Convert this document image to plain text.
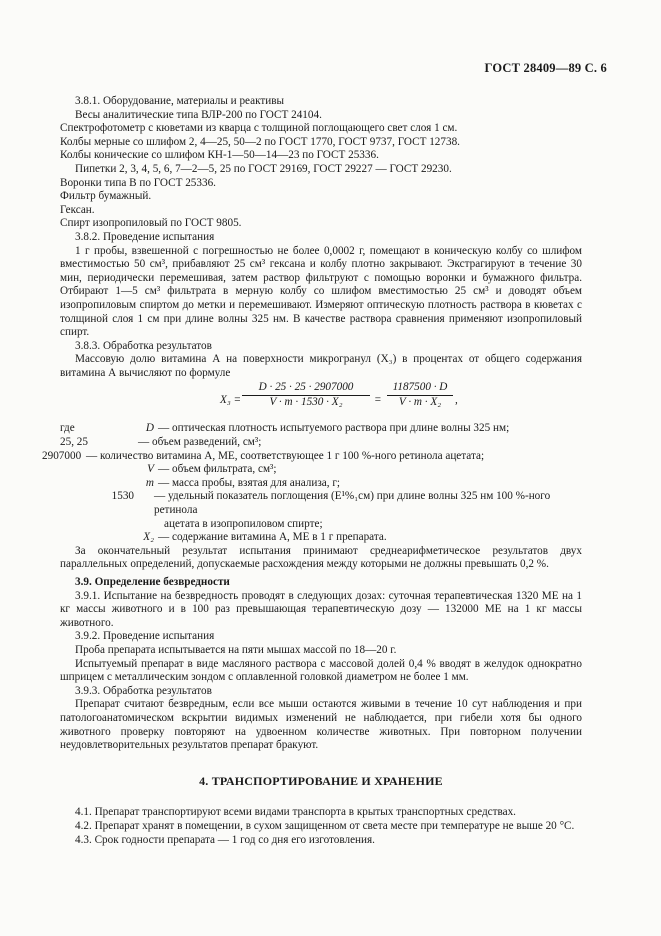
ГОСТ 28409—89 С. 6

3.8.1. Оборудование, материалы и реактивы

Весы аналитические типа ВЛР-200 по ГОСТ 24104.

Спектрофотометр с кюветами из кварца с толщиной поглощающего свет слоя 1 см.

Колбы мерные со шлифом 2, 4—25, 50—2 по ГОСТ 1770, ГОСТ 9737, ГОСТ 12738.

Колбы конические со шлифом КН-1—50—14—23 по ГОСТ 25336.

Пипетки 2, 3, 4, 5, 6, 7—2—5, 25 по ГОСТ 29169, ГОСТ 29227 — ГОСТ 29230.

Воронки типа В по ГОСТ 25336.

Фильтр бумажный.

Гексан.

Спирт изопропиловый по ГОСТ 9805.

3.8.2. Проведение испытания

1 г пробы, взвешенной с погрешностью не более 0,0002 г, помещают в коническую колбу со шлифом вместимостью 50 см³, прибавляют 25 см³ гексана и колбу плотно закрывают. Экстрагируют в течение 30 мин, периодически перемешивая, затем раствор фильтруют с помощью воронки и бумажного фильтра. Отбирают 1—5 см³ фильтрата в мерную колбу со шлифом вместимостью 25 см³ и доводят объем изопропиловым спиртом до метки и перемешивают. Измеряют оптическую плотность раствора в кюветах с толщиной слоя 1 см при длине волны 325 нм. В качестве раствора сравнения применяют изопропиловый спирт.

3.8.3. Обработка результатов

Массовую долю витамина А на поверхности микрогранул (X₃) в процентах от общего содержания витамина А вычисляют по формуле

$X_3 = \frac{D \cdot 25 \cdot 25 \cdot 2907000}{\text{V · m · 1530 · X₂}} = \frac{1187500 \cdot D}{\text{V · m · X₂}}$ ,
где	D — оптическая плотность испытуемого раствора при длине волны 325 нм;
25, 25	— объем разведений, см³;
2907000 — количество витамина А, МЕ, соответствующее 1 г 100 %-ного ретинола ацетата;
V — объем фильтрата, см³;
m — масса пробы, взятая для анализа, г;
1530	— удельный показатель поглощения (E¹%₁см) при длине волны 325 нм 100 %-ного ретинола
ацетата в изопропиловом спирте;
X₂ — содержание витамина А, МЕ в 1 г препарата.

За окончательный результат испытания принимают среднеарифметическое результатов двух параллельных определений, допускаемые расхождения между которыми не должны превышать 0,2 %.

3.9. Определение безвредности

3.9.1. Испытание на безвредность проводят в следующих дозах: суточная терапевтическая 1320 МЕ на 1 кг массы животного и в 100 раз превышающая терапевтическую дозу — 132000 МЕ на 1 кг массы животного.

3.9.2. Проведение испытания

Проба препарата испытывается на пяти мышах массой по 18—20 г.

Испытуемый препарат в виде масляного раствора с массовой долей 0,4 % вводят в желудок однократно шприцем с металлическим зондом с оплавленной головкой диаметром не более 1 мм.

3.9.3. Обработка результатов

Препарат считают безвредным, если все мыши остаются живыми в течение 10 сут наблюдения и при патологоанатомическом вскрытии видимых изменений не наблюдается, при гибели хотя бы одного животного проверку повторяют на удвоенном количестве животных. При повторном получении неудовлетворительных результатов препарат бракуют.

4. ТРАНСПОРТИРОВАНИЕ И ХРАНЕНИЕ

4.1. Препарат транспортируют всеми видами транспорта в крытых транспортных средствах.

4.2. Препарат хранят в помещении, в сухом защищенном от света месте при температуре не выше 20 °С.

4.3. Срок годности препарата — 1 год со дня его изготовления.
